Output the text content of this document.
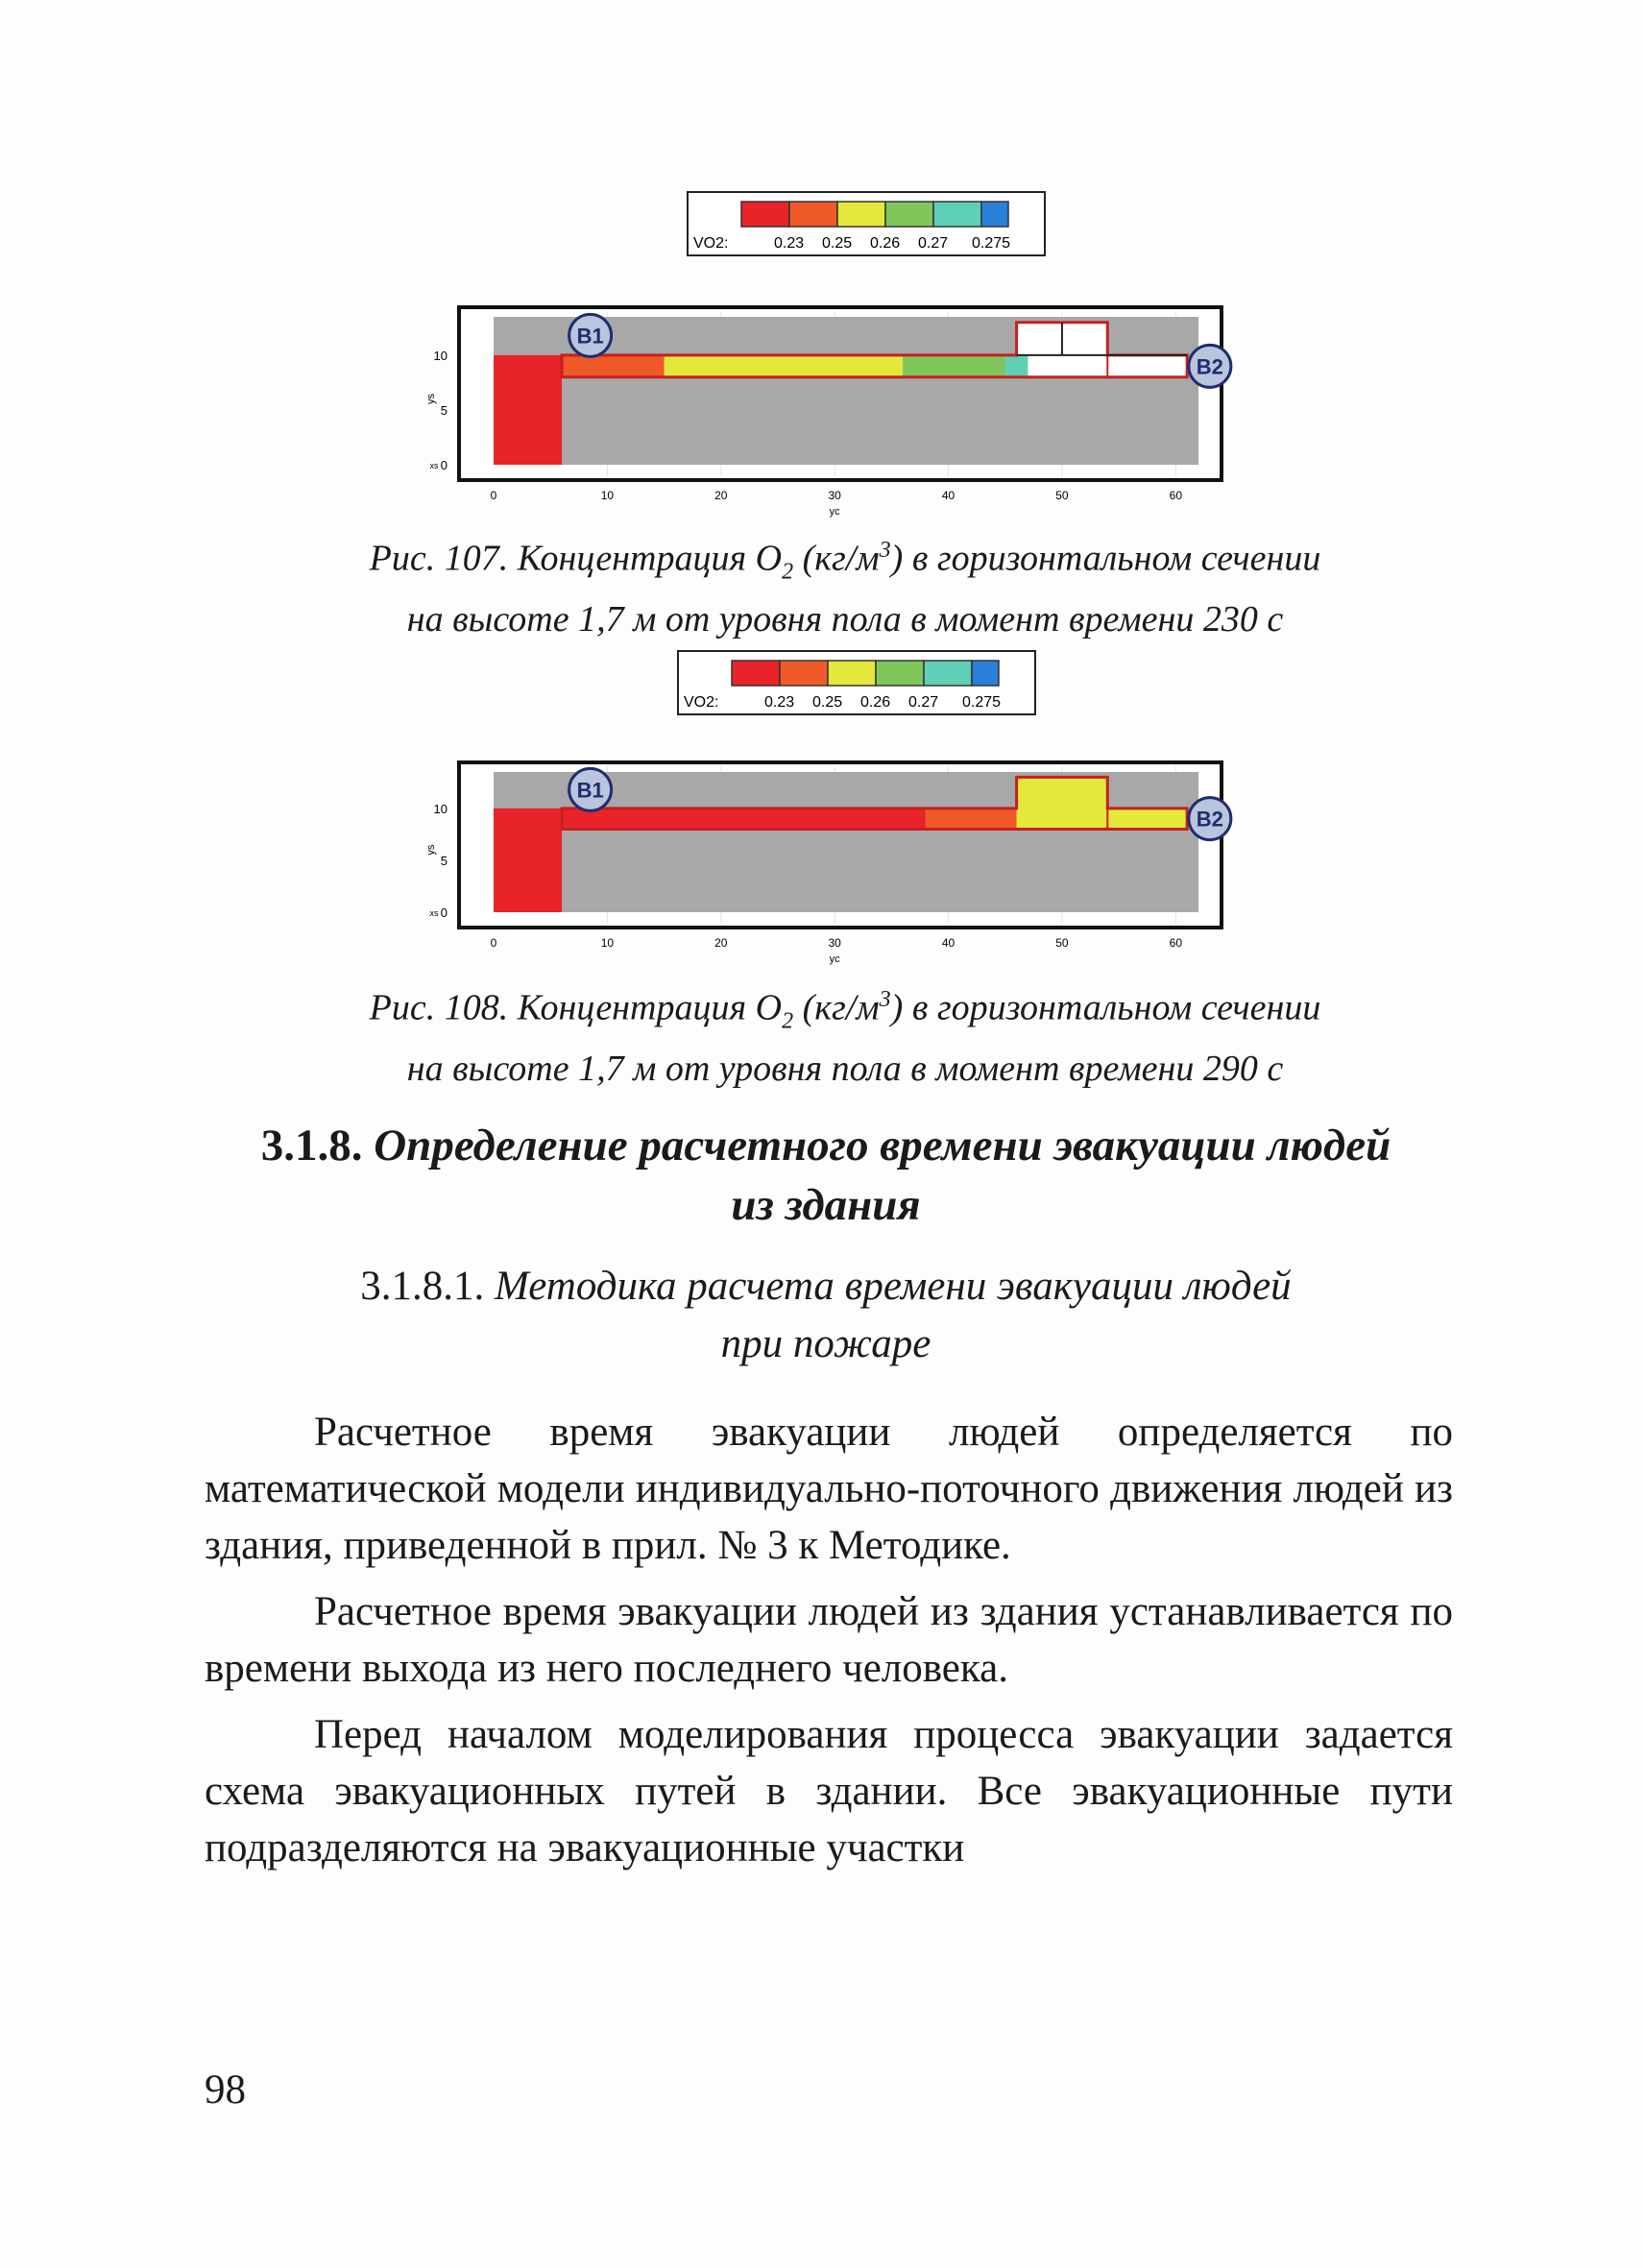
VO2:	0.23 0.25 0.26 0.27 0.275
0	10	20	30	40	50	60
0
5
10
yc
ys
xs
B1
B2
Рис. 107. Концентрация $O_2$ $(кг/м^3)$ в горизонтальном сечении
на высоте 1,7 м от уровня пола в момент времени 230 с
VO2:	0.23 0.25 0.26 0.27 0.275
0	10	20	30	40	50	60
0
5
10
yc
ys
xs
B1
B2
Рис. 108. Концентрация $O_2$ $(кг/м^3)$ в горизонтальном сечении
на высоте 1,7 м от уровня пола в момент времени 290 с
3.1.8. Определение расчетного времени эвакуации людей
из здания
3.1.8.1. Методика расчета времени эвакуации людей
при пожаре

Расчетное время эвакуации людей определяется по математической модели индивидуально-поточного движения людей из здания, приведенной в прил. № 3 к Методике.

Расчетное время эвакуации людей из здания устанавливается по времени выхода из него последнего человека.

Перед началом моделирования процесса эвакуации задается схема эвакуационных путей в здании. Все эвакуационные пути подразделяются на эвакуационные участки

98
